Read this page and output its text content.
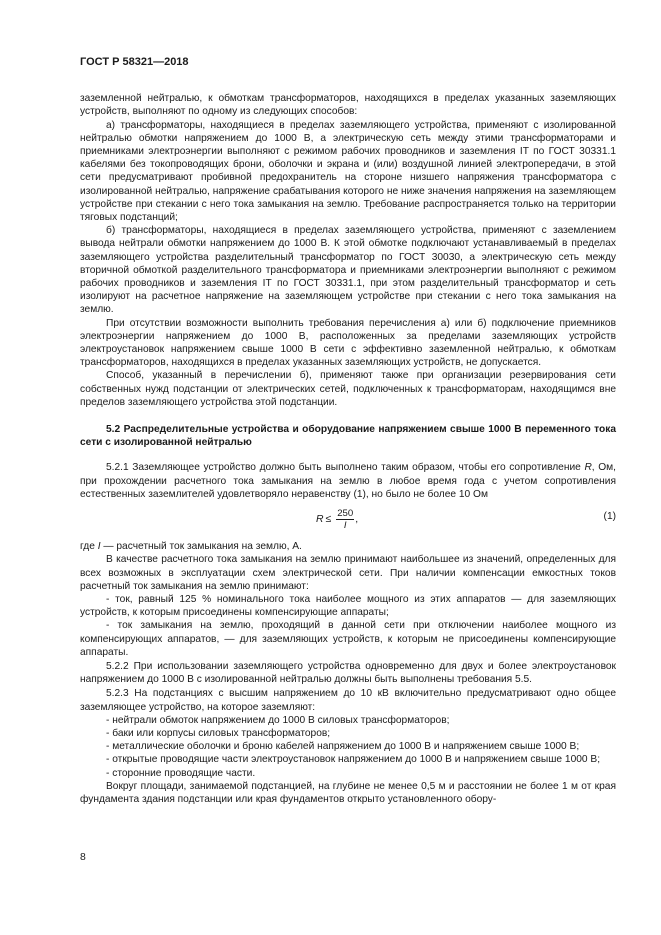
ГОСТ Р 58321—2018

заземленной нейтралью, к обмоткам трансформаторов, находящихся в пределах указанных заземляющих устройств, выполняют по одному из следующих способов:

а) трансформаторы, находящиеся в пределах заземляющего устройства, применяют с изолированной нейтралью обмотки напряжением до 1000 В, а электрическую сеть между этими трансформаторами и приемниками электроэнергии выполняют с режимом рабочих проводников и заземления IT по ГОСТ 30331.1 кабелями без токопроводящих брони, оболочки и экрана и (или) воздушной линией электропередачи, в этой сети предусматривают пробивной предохранитель на стороне низшего напряжения трансформатора с изолированной нейтралью, напряжение срабатывания которого не ниже значения напряжения на заземляющем устройстве при стекании с него тока замыкания на землю. Требование распространяется только на территории тяговых подстанций;

б) трансформаторы, находящиеся в пределах заземляющего устройства, применяют с заземлением вывода нейтрали обмотки напряжением до 1000 В. К этой обмотке подключают устанавливаемый в пределах заземляющего устройства разделительный трансформатор по ГОСТ 30030, а электрическую сеть между вторичной обмоткой разделительного трансформатора и приемниками электроэнергии выполняют с режимом рабочих проводников и заземления IT по ГОСТ 30331.1, при этом разделительный трансформатор и сеть изолируют на расчетное напряжение на заземляющем устройстве при стекании с него тока замыкания на землю.

При отсутствии возможности выполнить требования перечисления а) или б) подключение приемников электроэнергии напряжением до 1000 В, расположенных за пределами заземляющих устройств электроустановок напряжением свыше 1000 В сети с эффективно заземленной нейтралью, к обмоткам трансформаторов, находящихся в пределах указанных заземляющих устройств, не допускается.

Способ, указанный в перечислении б), применяют также при организации резервирования сети собственных нужд подстанции от электрических сетей, подключенных к трансформаторам, находящимся вне пределов заземляющего устройства этой подстанции.

5.2 Распределительные устройства и оборудование напряжением свыше 1000 В переменного тока сети с изолированной нейтралью

5.2.1 Заземляющее устройство должно быть выполнено таким образом, чтобы его сопротивление R, Ом, при прохождении расчетного тока замыкания на землю в любое время года с учетом сопротивления естественных заземлителей удовлетворяло неравенству (1), но было не более 10 Ом

$R \le \frac{250}{I}$ ,	(1)

где I — расчетный ток замыкания на землю, А.

В качестве расчетного тока замыкания на землю принимают наибольшее из значений, определенных для всех возможных в эксплуатации схем электрической сети. При наличии компенсации емкостных токов расчетный ток замыкания на землю принимают:

- ток, равный 125 % номинального тока наиболее мощного из этих аппаратов — для заземляющих устройств, к которым присоединены компенсирующие аппараты;

- ток замыкания на землю, проходящий в данной сети при отключении наиболее мощного из компенсирующих аппаратов, — для заземляющих устройств, к которым не присоединены компенсирующие аппараты.

5.2.2 При использовании заземляющего устройства одновременно для двух и более электроустановок напряжением до 1000 В с изолированной нейтралью должны быть выполнены требования 5.5.

5.2.3 На подстанциях с высшим напряжением до 10 кВ включительно предусматривают одно общее заземляющее устройство, на которое заземляют:

- нейтрали обмоток напряжением до 1000 В силовых трансформаторов;

- баки или корпусы силовых трансформаторов;

- металлические оболочки и броню кабелей напряжением до 1000 В и напряжением свыше 1000 В;

- открытые проводящие части электроустановок напряжением до 1000 В и напряжением свыше 1000 В;

- сторонние проводящие части.

Вокруг площади, занимаемой подстанцией, на глубине не менее 0,5 м и расстоянии не более 1 м от края фундамента здания подстанции или края фундаментов открыто установленного обору-

8
